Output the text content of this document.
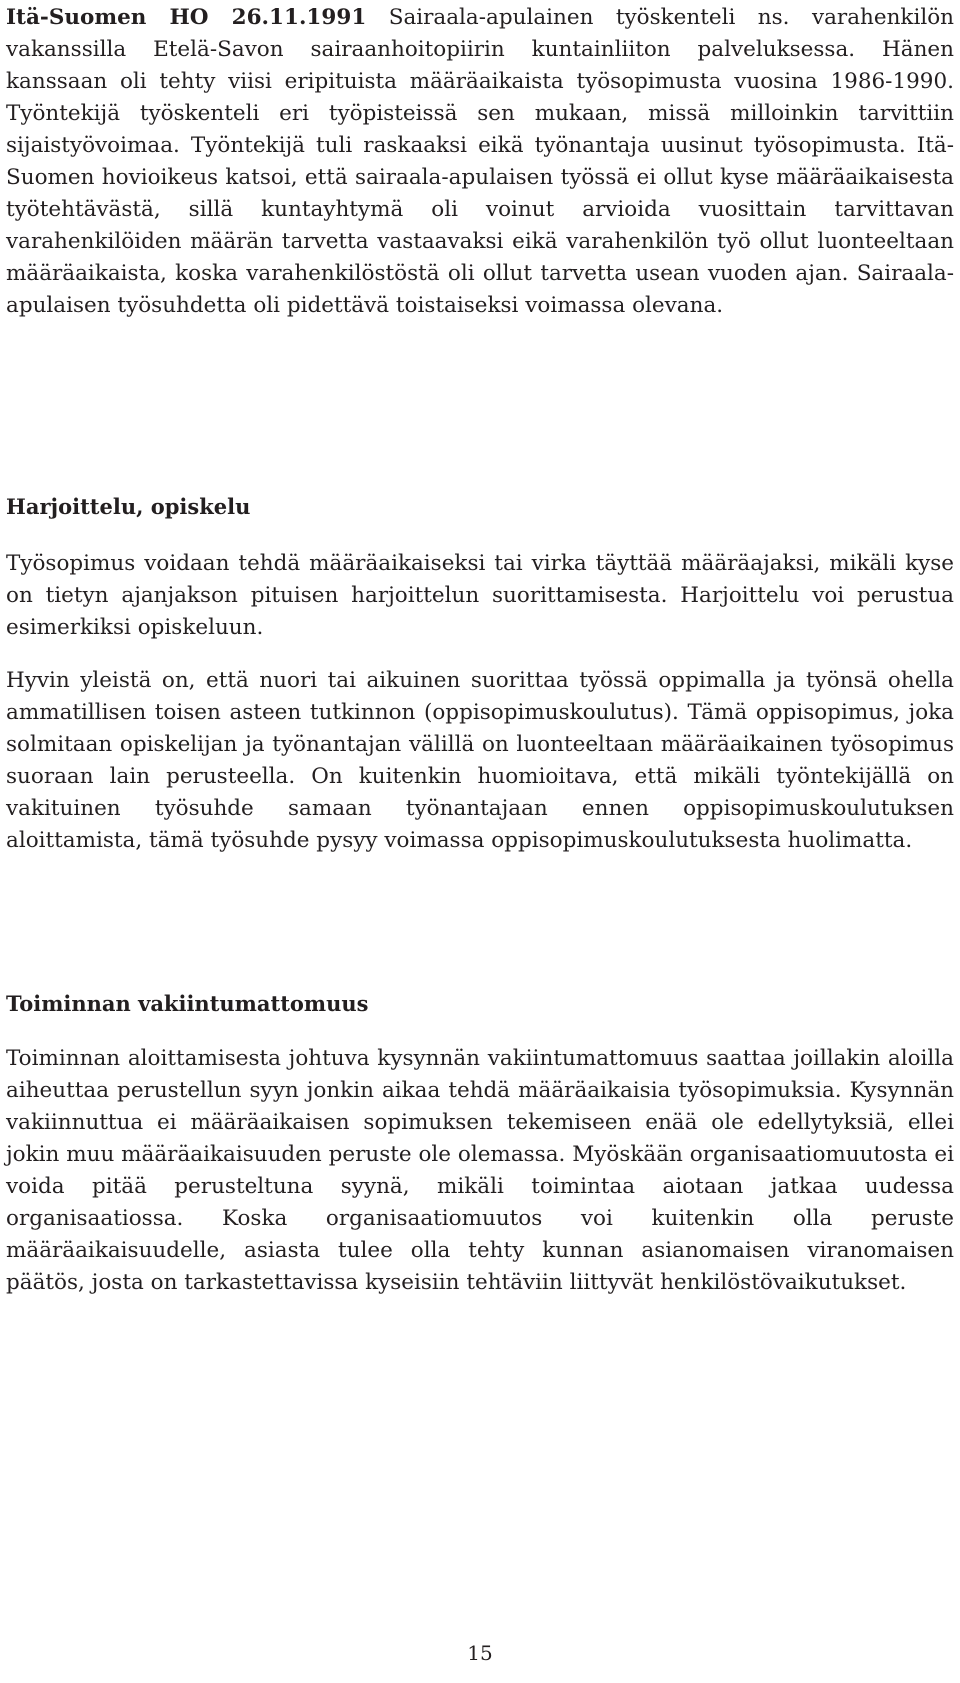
Itä-Suomen HO 26.11.1991 Sairaala-apulainen työskenteli ns. varahenkilön vakanssilla Etelä-Savon sairaanhoitopiirin kuntainliiton palveluksessa. Hänen kanssaan oli tehty viisi eripituista määräaikaista työsopimusta vuosina 1986-1990. Työntekijä työskenteli eri työpisteissä sen mukaan, missä milloinkin tarvittiin sijaistyövoimaa. Työntekijä tuli raskaaksi eikä työnantaja uusinut työsopimusta. Itä-Suomen hovioikeus katsoi, että sairaala-apulaisen työssä ei ollut kyse määräaikaisesta työtehtävästä, sillä kuntayhtymä oli voinut arvioida vuosittain tarvittavan varahenkilöiden määrän tarvetta vastaavaksi eikä varahenkilön työ ollut luonteeltaan määräaikaista, koska varahenkilöstöstä oli ollut tarvetta usean vuoden ajan. Sairaala-apulaisen työsuhdetta oli pidettävä toistaiseksi voimassa olevana.

Harjoittelu, opiskelu

Työsopimus voidaan tehdä määräaikaiseksi tai virka täyttää määräajaksi, mikäli kyse on tietyn ajanjakson pituisen harjoittelun suorittamisesta. Harjoittelu voi perustua esimerkiksi opiskeluun.

Hyvin yleistä on, että nuori tai aikuinen suorittaa työssä oppimalla ja työnsä ohella ammatillisen toisen asteen tutkinnon (oppisopimuskoulutus). Tämä oppisopimus, joka solmitaan opiskelijan ja työnantajan välillä on luonteeltaan määräaikainen työsopimus suoraan lain perusteella. On kuitenkin huomioitava, että mikäli työntekijällä on vakituinen työsuhde samaan työnantajaan ennen oppisopimuskoulutuksen aloittamista, tämä työsuhde pysyy voimassa oppisopimuskoulutuksesta huolimatta.

Toiminnan vakiintumattomuus

Toiminnan aloittamisesta johtuva kysynnän vakiintumattomuus saattaa joillakin aloilla aiheuttaa perustellun syyn jonkin aikaa tehdä määräaikaisia työsopimuksia. Kysynnän vakiinnuttua ei määräaikaisen sopimuksen tekemiseen enää ole edellytyksiä, ellei jokin muu määräaikaisuuden peruste ole olemassa. Myöskään organisaatiomuutosta ei voida pitää perusteltuna syynä, mikäli toimintaa aiotaan jatkaa uudessa organisaatiossa. Koska organisaatiomuutos voi kuitenkin olla peruste määräaikaisuudelle, asiasta tulee olla tehty kunnan asianomaisen viranomaisen päätös, josta on tarkastettavissa kyseisiin tehtäviin liittyvät henkilöstövaikutukset.

15
